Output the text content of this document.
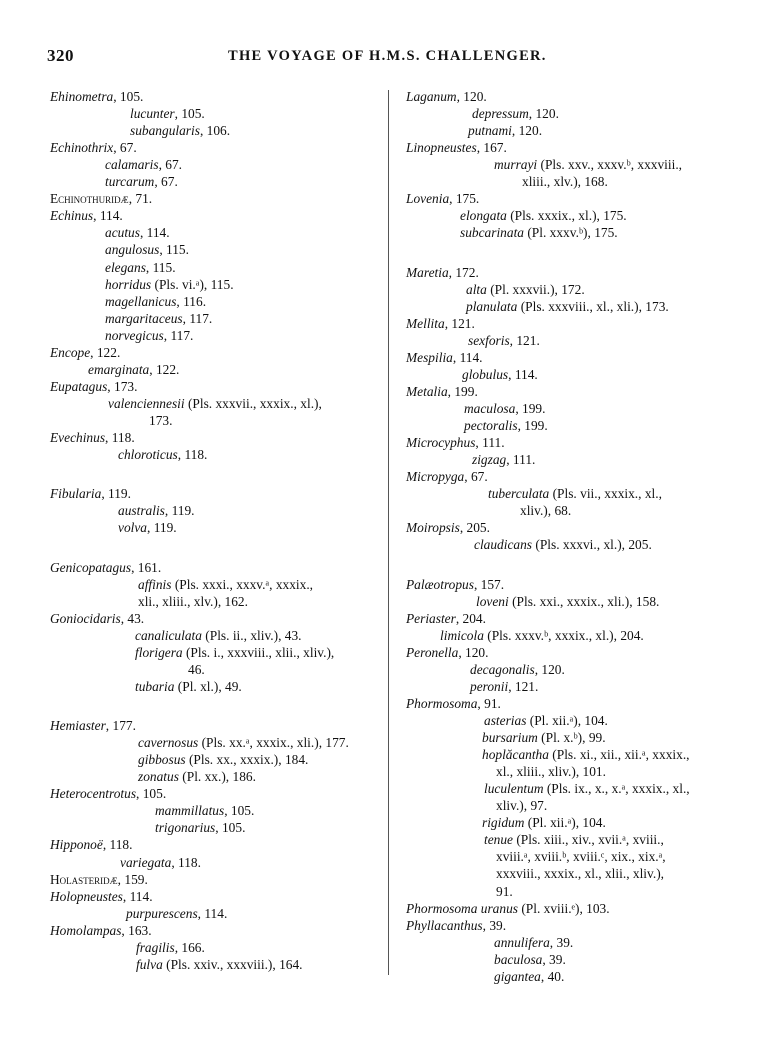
320	THE VOYAGE OF H.M.S. CHALLENGER.
Ehinometra, 105.
lucunter, 105.
subangularis, 106.
Echinothrix, 67.
calamaris, 67.
turcarum, 67.
Echinothuridæ, 71.
Echinus, 114.
acutus, 114.
angulosus, 115.
elegans, 115.
horridus (Pls. vi.ᵃ), 115.
magellanicus, 116.
margaritaceus, 117.
norvegicus, 117.
Encope, 122.
emarginata, 122.
Eupatagus, 173.
valenciennesii (Pls. xxxvii., xxxix., xl.),
173.
Evechinus, 118.
chloroticus, 118.
Fibularia, 119.
australis, 119.
volva, 119.
Genicopatagus, 161.
affinis (Pls. xxxi., xxxv.ᵃ, xxxix.,
xli., xliii., xlv.), 162.
Goniocidaris, 43.
canaliculata (Pls. ii., xliv.), 43.
florigera (Pls. i., xxxviii., xlii., xliv.),
46.
tubaria (Pl. xl.), 49.
Hemiaster, 177.
cavernosus (Pls. xx.ᵃ, xxxix., xli.), 177.
gibbosus (Pls. xx., xxxix.), 184.
zonatus (Pl. xx.), 186.
Heterocentrotus, 105.
mammillatus, 105.
trigonarius, 105.
Hipponoë, 118.
variegata, 118.
Holasteridæ, 159.
Holopneustes, 114.
purpurescens, 114.
Homolampas, 163.
fragilis, 166.
fulva (Pls. xxiv., xxxviii.), 164.
Laganum, 120.
depressum, 120.
putnami, 120.
Linopneustes, 167.
murrayi (Pls. xxv., xxxv.ᵇ, xxxviii.,
xliii., xlv.), 168.
Lovenia, 175.
elongata (Pls. xxxix., xl.), 175.
subcarinata (Pl. xxxv.ᵇ), 175.
Maretia, 172.
alta (Pl. xxxvii.), 172.
planulata (Pls. xxxviii., xl., xli.), 173.
Mellita, 121.
sexforis, 121.
Mespilia, 114.
globulus, 114.
Metalia, 199.
maculosa, 199.
pectoralis, 199.
Microcyphus, 111.
zigzag, 111.
Micropyga, 67.
tuberculata (Pls. vii., xxxix., xl.,
xliv.), 68.
Moiropsis, 205.
claudicans (Pls. xxxvi., xl.), 205.
Palæotropus, 157.
loveni (Pls. xxi., xxxix., xli.), 158.
Periaster, 204.
limicola (Pls. xxxv.ᵇ, xxxix., xl.), 204.
Peronella, 120.
decagonalis, 120.
peronii, 121.
Phormosoma, 91.
asterias (Pl. xii.ᵃ), 104.
bursarium (Pl. x.ᵇ), 99.
hoplăcantha (Pls. xi., xii., xii.ᵃ, xxxix.,
xl., xliii., xliv.), 101.
luculentum (Pls. ix., x., x.ᵃ, xxxix., xl.,
xliv.), 97.
rigidum (Pl. xii.ᵃ), 104.
tenue (Pls. xiii., xiv., xvii.ᵃ, xviii.,
xviii.ᵃ, xviii.ᵇ, xviii.ᶜ, xix., xix.ᵃ,
xxxviii., xxxix., xl., xlii., xliv.),
91.
Phormosoma uranus (Pl. xviii.ᵉ), 103.
Phyllacanthus, 39.
annulifera, 39.
baculosa, 39.
gigantea, 40.
